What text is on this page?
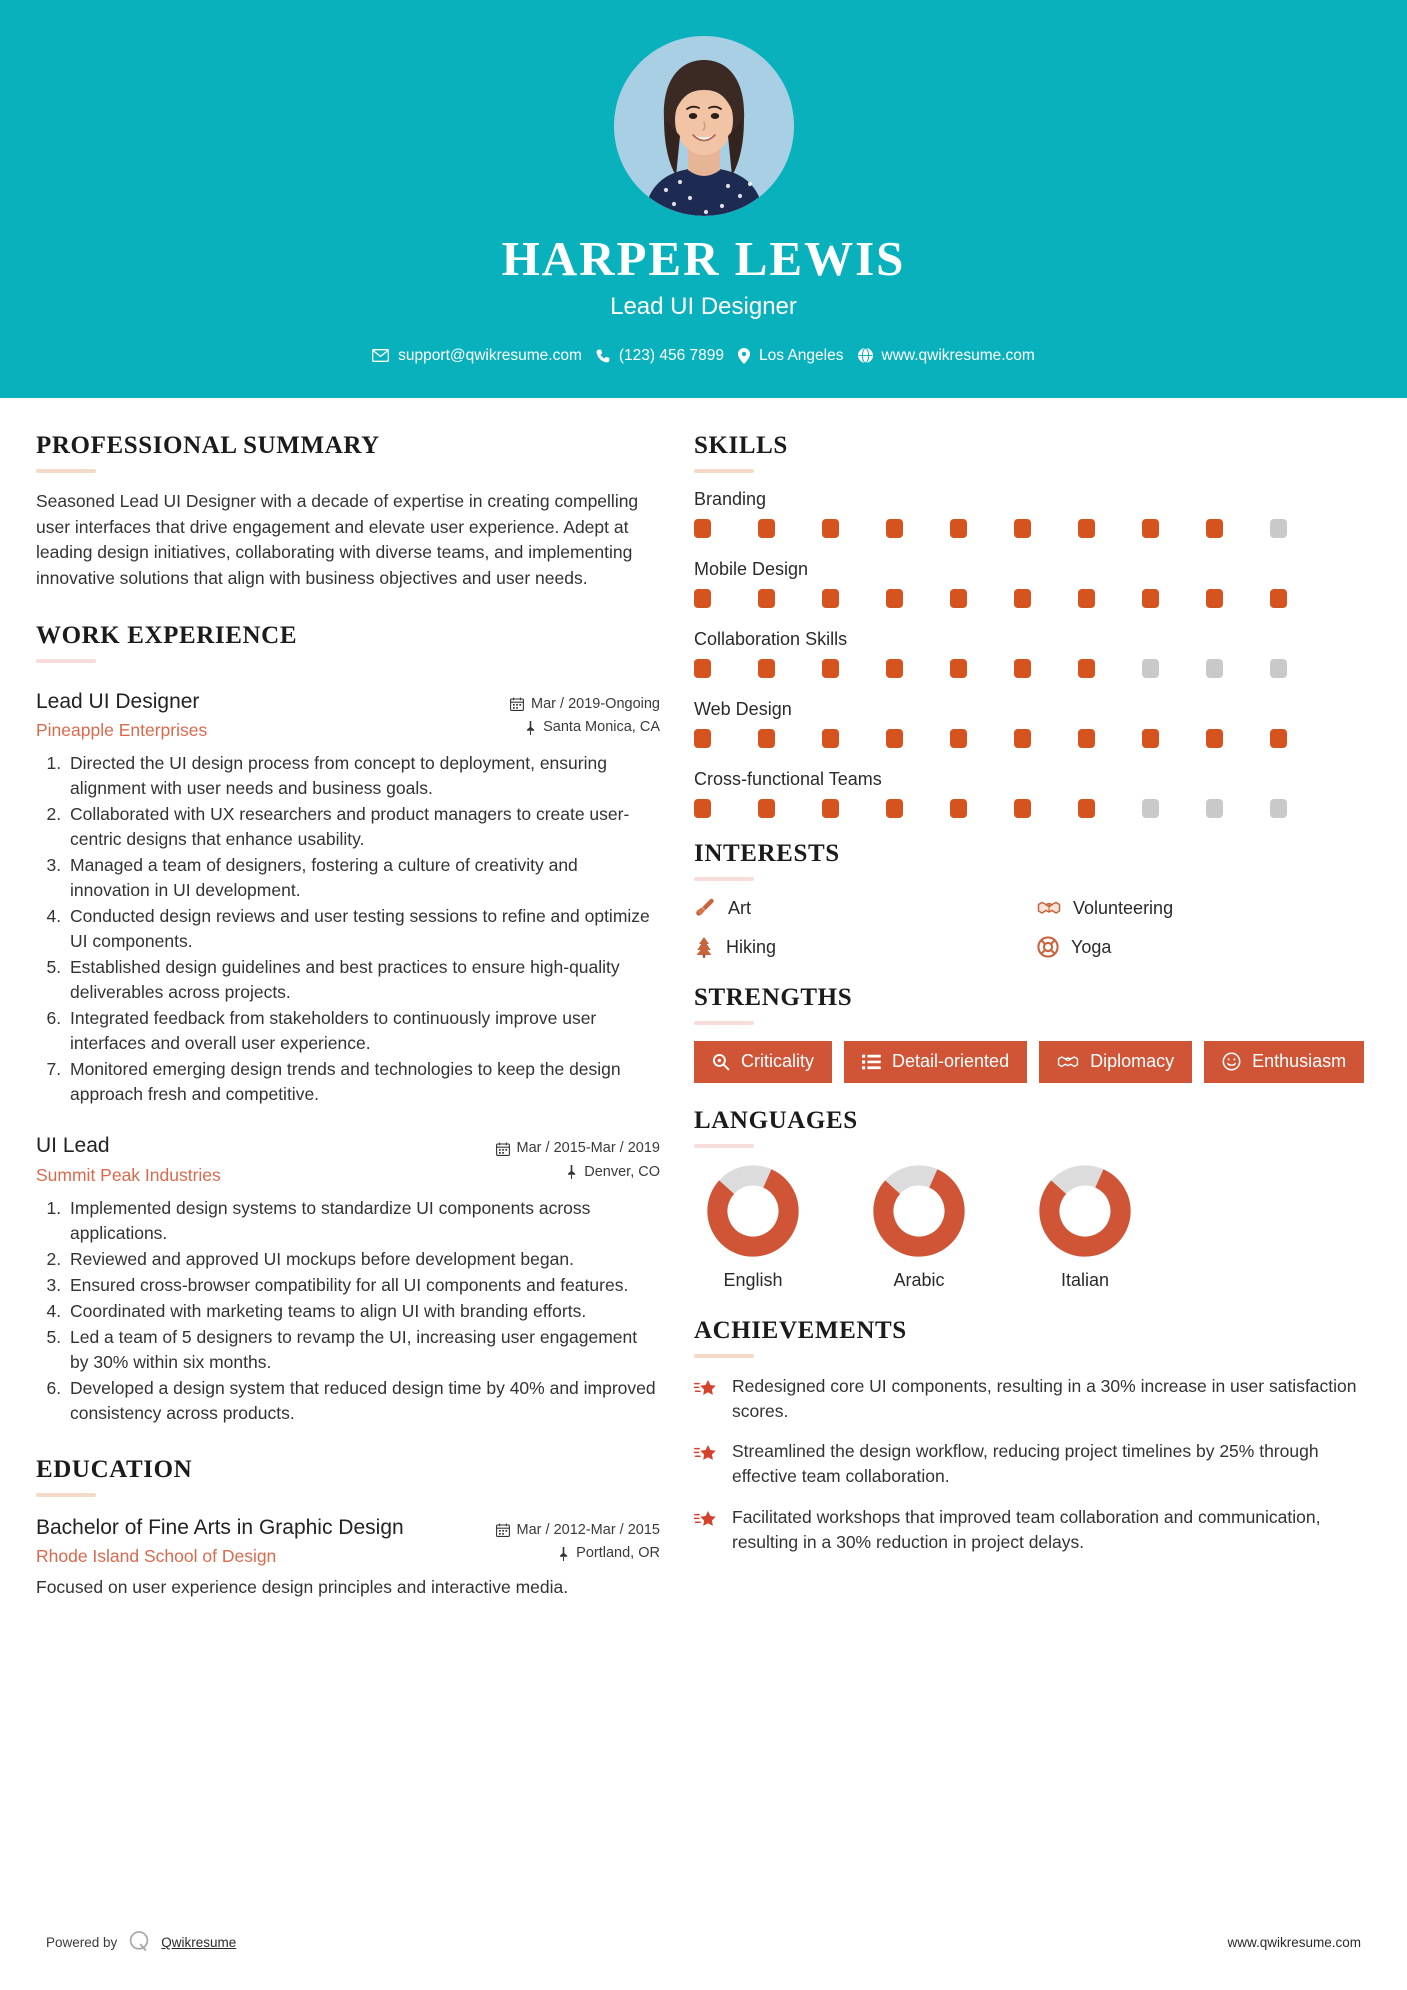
HARPER LEWIS
Lead UI Designer
support@qwikresume.com (123) 456 7899 Los Angeles www.qwikresume.com
PROFESSIONAL SUMMARY
Seasoned Lead UI Designer with a decade of expertise in creating compelling user interfaces that drive engagement and elevate user experience. Adept at leading design initiatives, collaborating with diverse teams, and implementing innovative solutions that align with business objectives and user needs.
WORK EXPERIENCE
Lead UI Designer
Pineapple Enterprises
Mar / 2019-Ongoing
Santa Monica, CA
1. Directed the UI design process from concept to deployment, ensuring alignment with user needs and business goals.
2. Collaborated with UX researchers and product managers to create user-centric designs that enhance usability.
3. Managed a team of designers, fostering a culture of creativity and innovation in UI development.
4. Conducted design reviews and user testing sessions to refine and optimize UI components.
5. Established design guidelines and best practices to ensure high-quality deliverables across projects.
6. Integrated feedback from stakeholders to continuously improve user interfaces and overall user experience.
7. Monitored emerging design trends and technologies to keep the design approach fresh and competitive.
UI Lead
Summit Peak Industries
Mar / 2015-Mar / 2019
Denver, CO
1. Implemented design systems to standardize UI components across applications.
2. Reviewed and approved UI mockups before development began.
3. Ensured cross-browser compatibility for all UI components and features.
4. Coordinated with marketing teams to align UI with branding efforts.
5. Led a team of 5 designers to revamp the UI, increasing user engagement by 30% within six months.
6. Developed a design system that reduced design time by 40% and improved consistency across products.
EDUCATION
Bachelor of Fine Arts in Graphic Design
Rhode Island School of Design
Mar / 2012-Mar / 2015
Portland, OR
Focused on user experience design principles and interactive media.
SKILLS
Branding
Mobile Design
Collaboration Skills
Web Design
Cross-functional Teams
INTERESTS
Art	Volunteering
Hiking	Yoga
STRENGTHS
Criticality	Detail-oriented	Diplomacy	Enthusiasm
LANGUAGES
English	Arabic	Italian
ACHIEVEMENTS
Redesigned core UI components, resulting in a 30% increase in user satisfaction scores.
Streamlined the design workflow, reducing project timelines by 25% through effective team collaboration.
Facilitated workshops that improved team collaboration and communication, resulting in a 30% reduction in project delays.
Powered by	Qwikresume	www.qwikresume.com
